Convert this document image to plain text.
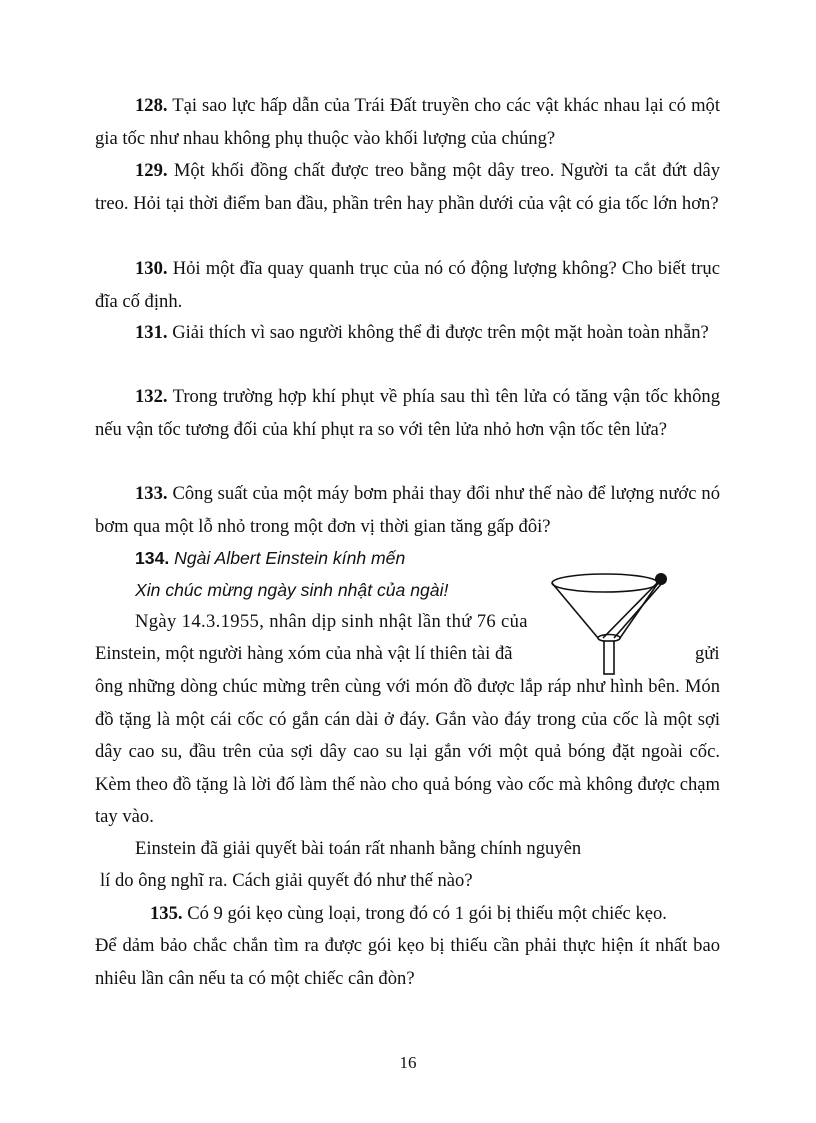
128. Tại sao lực hấp dẫn của Trái Đất truyền cho các vật khác nhau lại có một gia tốc như nhau không phụ thuộc vào khối lượng của chúng?

129. Một khối đồng chất được treo bằng một dây treo. Người ta cắt đứt dây treo. Hỏi tại thời điểm ban đầu, phần trên hay phần dưới của vật có gia tốc lớn hơn?

130. Hỏi một đĩa quay quanh trục của nó có động lượng không? Cho biết trục đĩa cố định.

131. Giải thích vì sao người không thể đi được trên một mặt hoàn toàn nhẵn?

132. Trong trường hợp khí phụt về phía sau thì tên lửa có tăng vận tốc không nếu vận tốc tương đối của khí phụt ra so với tên lửa nhỏ hơn vận tốc tên lửa?

133. Công suất của một máy bơm phải thay đổi như thế nào để lượng nước nó bơm qua một lỗ nhỏ trong một đơn vị thời gian tăng gấp đôi?

134. Ngài Albert Einstein kính mến

Xin chúc mừng ngày sinh nhật của ngài!

Ngày 14.3.1955, nhân dịp sinh nhật lần thứ 76 của

Einstein, một người hàng xóm của nhà vật lí thiên tài đã	gửi

ông những dòng chúc mừng trên cùng với món đồ được lắp ráp như hình bên. Món đồ tặng là một cái cốc có gắn cán dài ở đáy. Gắn vào đáy trong của cốc là một sợi dây cao su, đầu trên của sợi dây cao su lại gắn với một quả bóng đặt ngoài cốc. Kèm theo đồ tặng là lời đố làm thế nào cho quả bóng vào cốc mà không được chạm tay vào.

Einstein đã giải quyết bài toán rất nhanh bằng chính nguyên

lí do ông nghĩ ra. Cách giải quyết đó như thế nào?

135. Có 9 gói kẹo cùng loại, trong đó có 1 gói bị thiếu một chiếc kẹo.

Để dảm bảo chắc chắn tìm ra được gói kẹo bị thiếu cần phải thực hiện ít nhất bao nhiêu lần cân nếu ta có một chiếc cân đòn?

16
